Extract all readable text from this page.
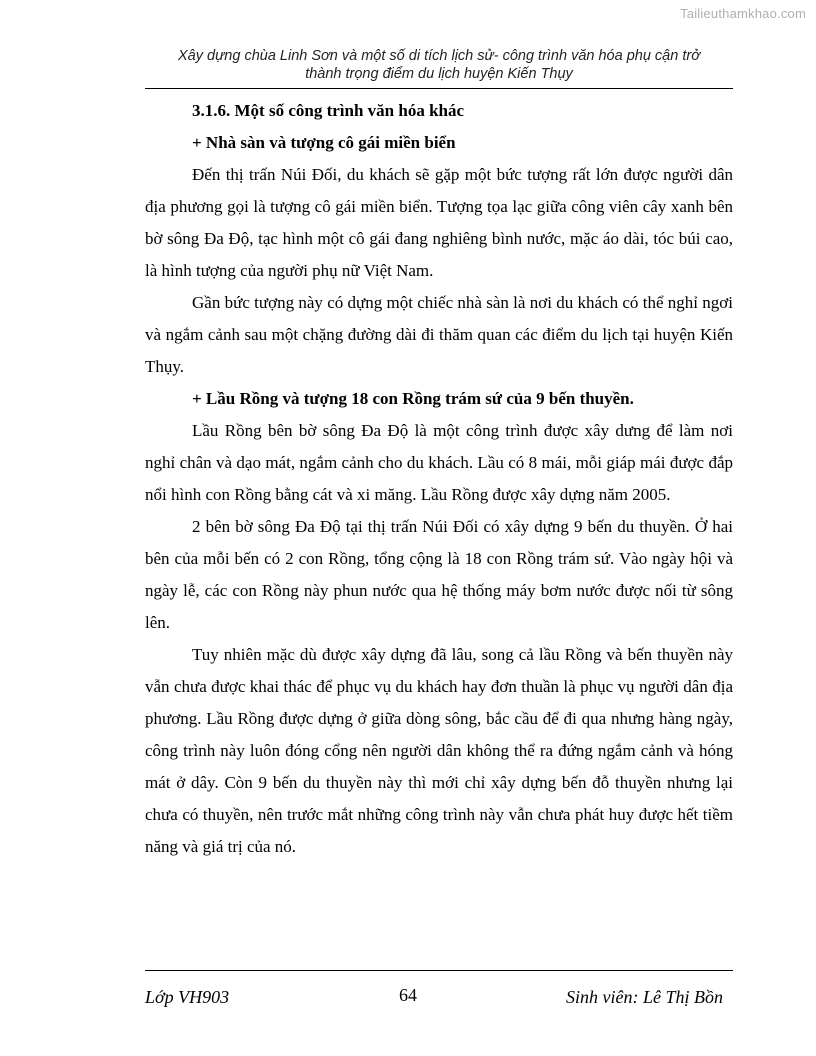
Tailieuthamkhao.com
Xây dựng chùa Linh Sơn và một số di tích lịch sử- công trình văn hóa phụ cận trở
thành trọng điểm du lịch huyện Kiến Thụy

3.1.6. Một số công trình văn hóa khác

+ Nhà sàn và tượng cô gái miền biển

Đến thị trấn Núi Đối, du khách sẽ gặp một bức tượng rất lớn được người dân địa phương gọi là tượng cô gái miền biển. Tượng tọa lạc giữa công viên cây xanh bên bờ sông Đa Độ, tạc hình một cô gái đang nghiêng bình nước, mặc áo dài, tóc búi cao, là hình tượng của người phụ nữ Việt Nam.

Gần bức tượng này có dựng một chiếc nhà sàn là nơi du khách có thể nghỉ ngơi và ngắm cảnh sau một chặng đường dài đi thăm quan các điểm du lịch tại huyện Kiến Thụy.

+ Lầu Rồng và tượng 18 con Rồng trám sứ của 9 bến thuyền.

Lầu Rồng bên bờ sông Đa Độ là một công trình được xây dưng để làm nơi nghỉ chân và dạo mát, ngắm cảnh cho du khách. Lầu có 8 mái, mỗi giáp mái được đắp nổi hình con Rồng bằng cát và xi măng. Lầu Rồng được xây dựng năm 2005.

2 bên bờ sông Đa Độ tại thị trấn Núi Đối có xây dựng 9 bến du thuyền. Ở hai bên của mỗi bến có 2 con Rồng, tổng cộng là 18 con Rồng trám sứ. Vào ngày hội và ngày lễ, các con Rồng này phun nước qua hệ thống máy bơm nước được nối từ sông lên.

Tuy nhiên mặc dù được xây dựng đã lâu, song cả lầu Rồng và bến thuyền này vẫn chưa được khai thác để phục vụ du khách hay đơn thuần là phục vụ người dân địa phương. Lầu Rồng được dựng ở giữa dòng sông, bắc cầu để đi qua nhưng hàng ngày, công trình này luôn đóng cổng nên người dân không thể ra đứng ngắm cảnh và hóng mát ở dây. Còn 9 bến du thuyền này thì mới chỉ xây dựng bến đỗ thuyền nhưng lại chưa có thuyền, nên trước mắt những công trình này vẫn chưa phát huy được hết tiềm năng và giá trị của nó.

Lớp VH903	64	Sinh viên: Lê Thị Bồn
